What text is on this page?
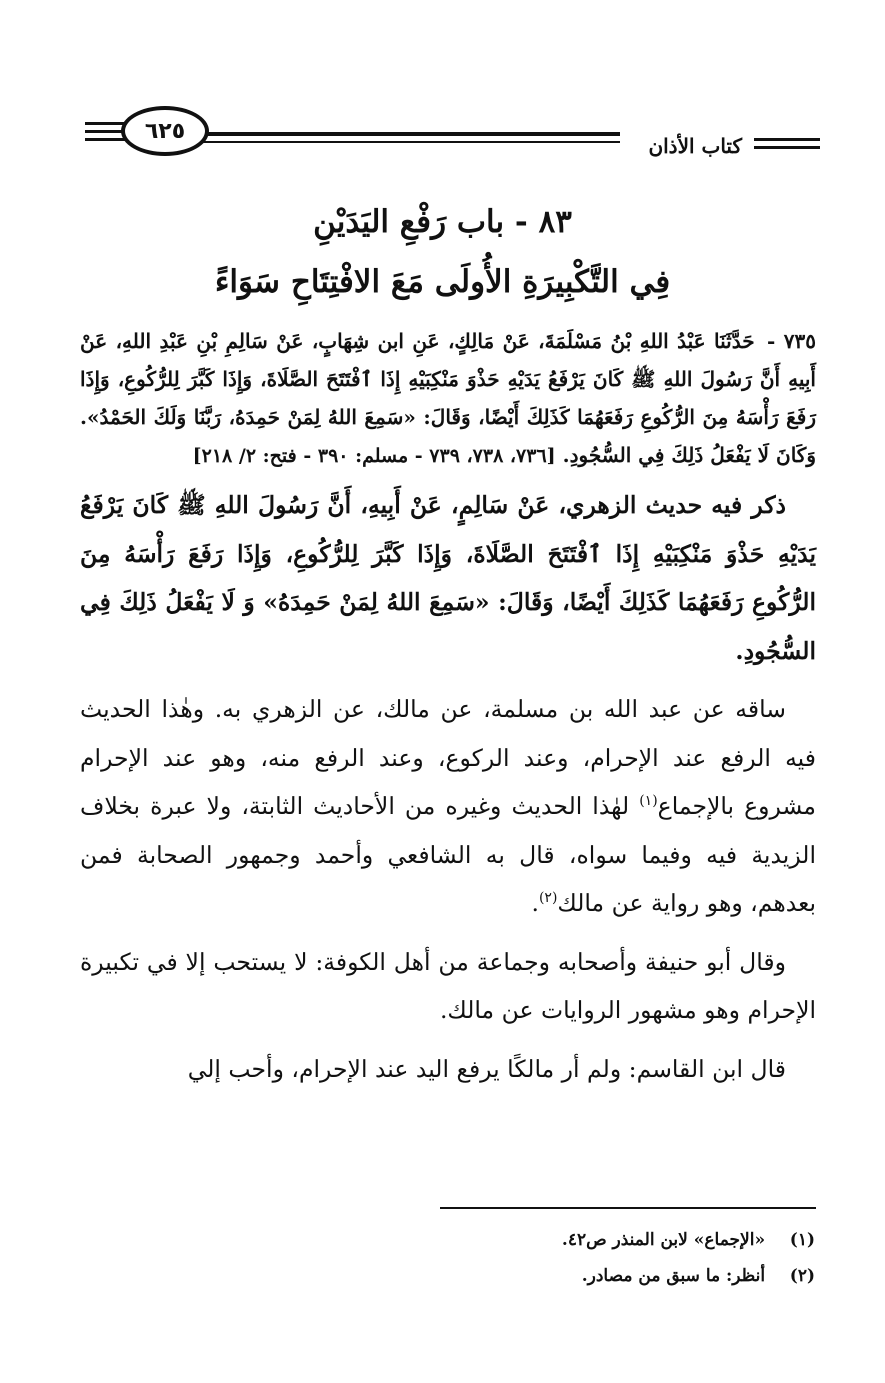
كتاب الأذان
٦٢٥
٨٣ - باب رَفْعِ اليَدَيْنِ
فِي التَّكْبِيرَةِ الأُولَى مَعَ الافْتِتَاحِ سَوَاءً

٧٣٥ - حَدَّثَنَا عَبْدُ اللهِ بْنُ مَسْلَمَةَ، عَنْ مَالِكٍ، عَنِ ابن شِهَابٍ، عَنْ سَالِمِ بْنِ عَبْدِ اللهِ، عَنْ أَبِيهِ أَنَّ رَسُولَ اللهِ ﷺ كَانَ يَرْفَعُ يَدَيْهِ حَذْوَ مَنْكِبَيْهِ إِذَا ٱفْتَتَحَ الصَّلَاةَ، وَإِذَا كَبَّرَ لِلرُّكُوعِ، وَإِذَا رَفَعَ رَأْسَهُ مِنَ الرُّكُوعِ رَفَعَهُمَا كَذَلِكَ أَيْضًا، وَقَالَ: «سَمِعَ اللهُ لِمَنْ حَمِدَهُ، رَبَّنَا وَلَكَ الحَمْدُ». وَكَانَ لَا يَفْعَلُ ذَلِكَ فِي السُّجُودِ. [٧٣٦، ٧٣٨، ٧٣٩ - مسلم: ٣٩٠ - فتح: ٢/ ٢١٨]

ذكر فيه حديث الزهري، عَنْ سَالِمٍ، عَنْ أَبِيهِ، أَنَّ رَسُولَ اللهِ ﷺ كَانَ يَرْفَعُ يَدَيْهِ حَذْوَ مَنْكِبَيْهِ إِذَا ٱفْتَتَحَ الصَّلَاةَ، وَإِذَا كَبَّرَ لِلرُّكُوعِ، وَإِذَا رَفَعَ رَأْسَهُ مِنَ الرُّكُوعِ رَفَعَهُمَا كَذَلِكَ أَيْضًا، وَقَالَ: «سَمِعَ اللهُ لِمَنْ حَمِدَهُ» وَ لَا يَفْعَلُ ذَلِكَ فِي السُّجُودِ.

ساقه عن عبد الله بن مسلمة، عن مالك، عن الزهري به. وهٰذا الحديث فيه الرفع عند الإحرام، وعند الركوع، وعند الرفع منه، وهو عند الإحرام مشروع بالإجماع$^{(١)}$ لهٰذا الحديث وغيره من الأحاديث الثابتة، ولا عبرة بخلاف الزيدية فيه وفيما سواه، قال به الشافعي وأحمد وجمهور الصحابة فمن بعدهم، وهو رواية عن مالك$^{(٢)}$.

وقال أبو حنيفة وأصحابه وجماعة من أهل الكوفة: لا يستحب إلا في تكبيرة الإحرام وهو مشهور الروايات عن مالك.

قال ابن القاسم: ولم أر مالكًا يرفع اليد عند الإحرام، وأحب إلي

(١) «الإجماع» لابن المنذر ص٤٢.
(٢) أنظر: ما سبق من مصادر.
